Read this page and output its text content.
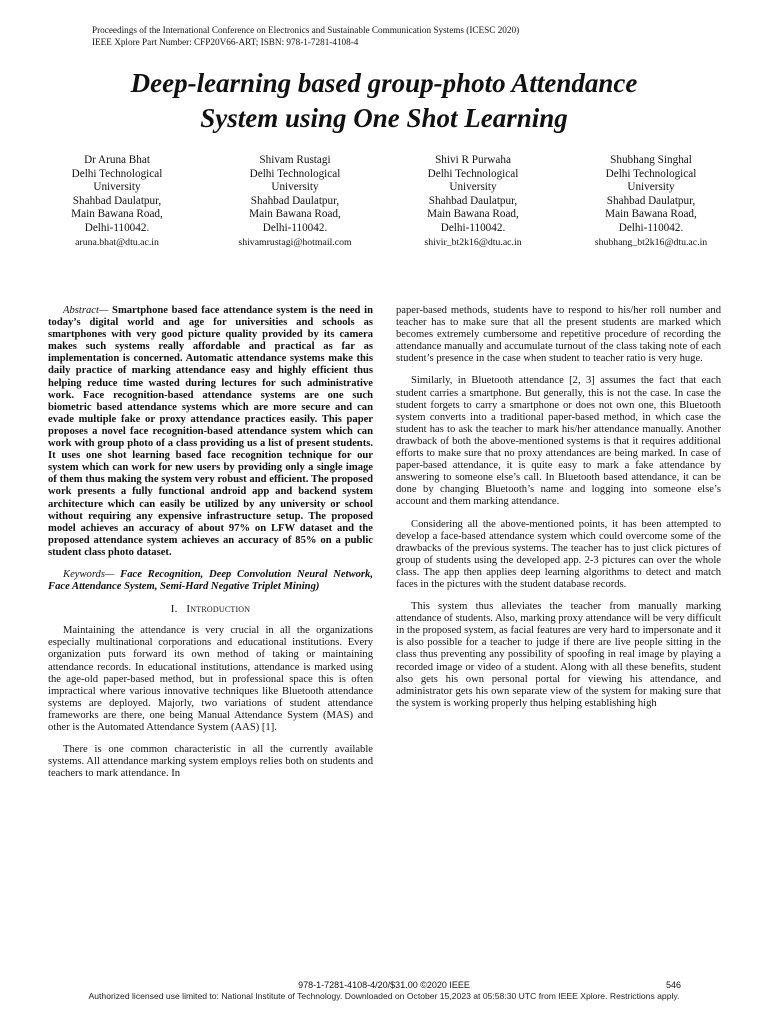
Proceedings of the International Conference on Electronics and Sustainable Communication Systems (ICESC 2020)
IEEE Xplore Part Number: CFP20V66-ART; ISBN: 978-1-7281-4108-4
Deep-learning based group-photo Attendance
System using One Shot Learning
Dr Aruna Bhat
Delhi Technological
University
Shahbad Daulatpur,
Main Bawana Road,
Delhi-110042.
aruna.bhat@dtu.ac.in
Shivam Rustagi
Delhi Technological
University
Shahbad Daulatpur,
Main Bawana Road,
Delhi-110042.
shivamrustagi@hotmail.com
Shivi R Purwaha
Delhi Technological
University
Shahbad Daulatpur,
Main Bawana Road,
Delhi-110042.
shivir_bt2k16@dtu.ac.in
Shubhang Singhal
Delhi Technological
University
Shahbad Daulatpur,
Main Bawana Road,
Delhi-110042.
shubhang_bt2k16@dtu.ac.in

Abstract— Smartphone based face attendance system is the need in today’s digital world and age for universities and schools as smartphones with very good picture quality provided by its camera makes such systems really affordable and practical as far as implementation is concerned. Automatic attendance systems make this daily practice of marking attendance easy and highly efficient thus helping reduce time wasted during lectures for such administrative work. Face recognition-based attendance systems are one such biometric based attendance systems which are more secure and can evade multiple fake or proxy attendance practices easily. This paper proposes a novel face recognition-based attendance system which can work with group photo of a class providing us a list of present students. It uses one shot learning based face recognition technique for our system which can work for new users by providing only a single image of them thus making the system very robust and efficient. The proposed work presents a fully functional android app and backend system architecture which can easily be utilized by any university or school without requiring any expensive infrastructure setup. The proposed model achieves an accuracy of about 97% on LFW dataset and the proposed attendance system achieves an accuracy of 85% on a public student class photo dataset.

Keywords— Face Recognition, Deep Convolution Neural Network, Face Attendance System, Semi-Hard Negative Triplet Mining)

I. Introduction

Maintaining the attendance is very crucial in all the organizations especially multinational corporations and educational institutions. Every organization puts forward its own method of taking or maintaining attendance records. In educational institutions, attendance is marked using the age-old paper-based method, but in professional space this is often impractical where various innovative techniques like Bluetooth attendance systems are deployed. Majorly, two variations of student attendance frameworks are there, one being Manual Attendance System (MAS) and other is the Automated Attendance System (AAS) [1].

There is one common characteristic in all the currently available systems. All attendance marking system employs relies both on students and teachers to mark attendance. In

paper-based methods, students have to respond to his/her roll number and teacher has to make sure that all the present students are marked which becomes extremely cumbersome and repetitive procedure of recording the attendance manually and accumulate turnout of the class taking note of each student’s presence in the case when student to teacher ratio is very huge.

Similarly, in Bluetooth attendance [2, 3] assumes the fact that each student carries a smartphone. But generally, this is not the case. In case the student forgets to carry a smartphone or does not own one, this Bluetooth system converts into a traditional paper-based method, in which case the student has to ask the teacher to mark his/her attendance manually. Another drawback of both the above-mentioned systems is that it requires additional efforts to make sure that no proxy attendances are being marked. In case of paper-based attendance, it is quite easy to mark a fake attendance by answering to someone else’s call. In Bluetooth based attendance, it can be done by changing Bluetooth’s name and logging into someone else’s account and them marking attendance.

Considering all the above-mentioned points, it has been attempted to develop a face-based attendance system which could overcome some of the drawbacks of the previous systems. The teacher has to just click pictures of group of students using the developed app. 2-3 pictures can over the whole class. The app then applies deep learning algorithms to detect and match faces in the pictures with the student database records.

This system thus alleviates the teacher from manually marking attendance of students. Also, marking proxy attendance will be very difficult in the proposed system, as facial features are very hard to impersonate and it is also possible for a teacher to judge if there are live people sitting in the class thus preventing any possibility of spoofing in real image by playing a recorded image or video of a student. Along with all these benefits, student also gets his own personal portal for viewing his attendance, and administrator gets his own separate view of the system for making sure that the system is working properly thus helping establishing high

978-1-7281-4108-4/20/$31.00 ©2020 IEEE	546
Authorized licensed use limited to: National Institute of Technology. Downloaded on October 15,2023 at 05:58:30 UTC from IEEE Xplore. Restrictions apply.
